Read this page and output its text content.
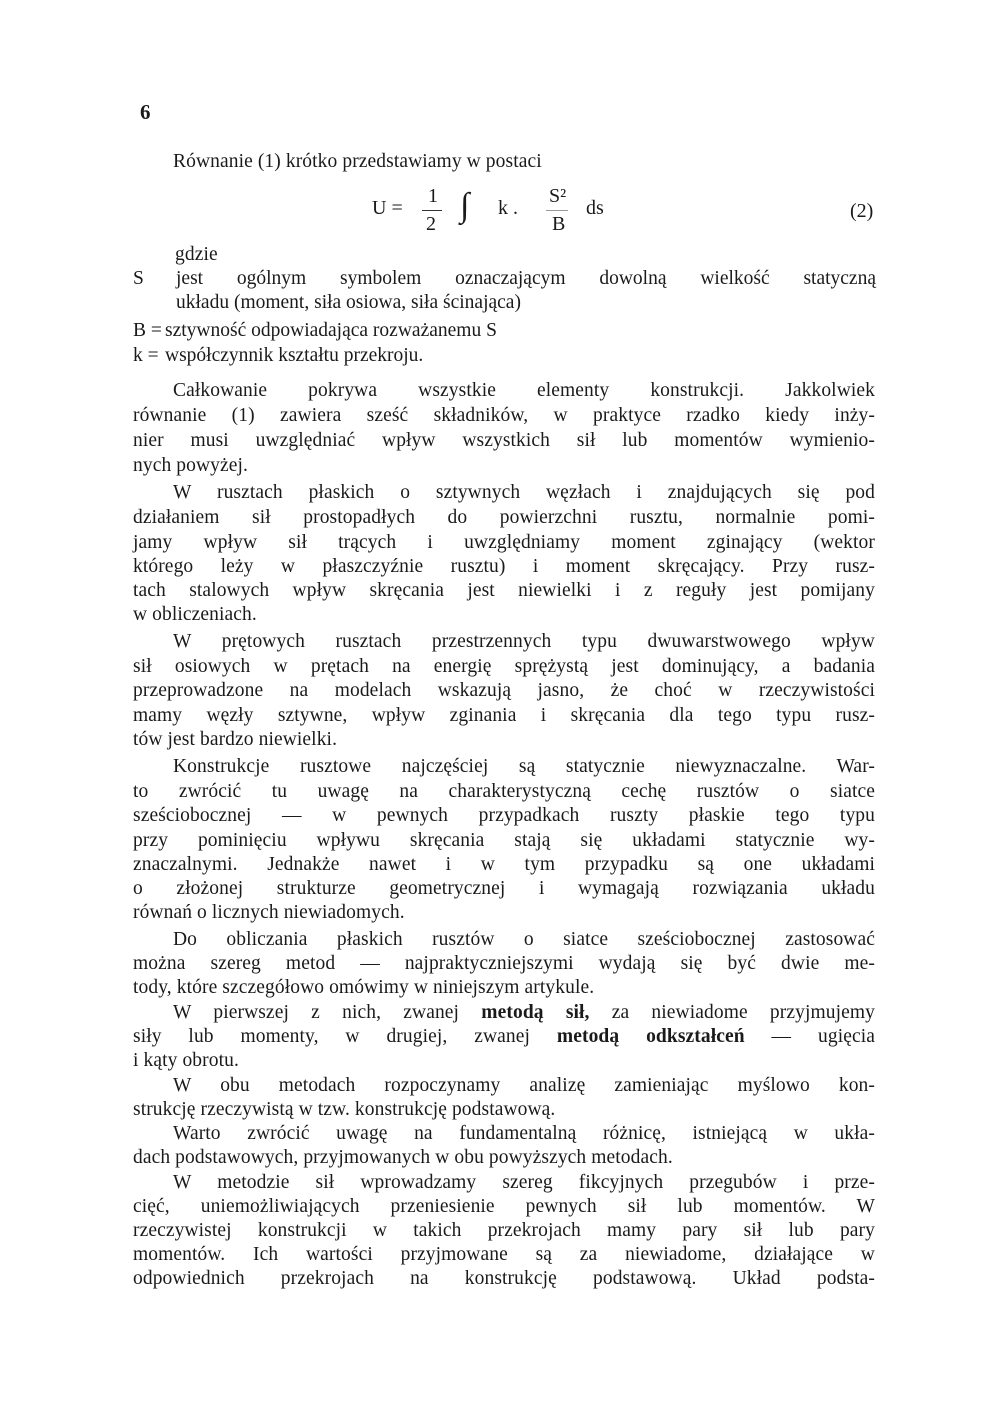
6
Równanie (1) krótko przedstawiamy w postaci
U =
1
2 ∫ k .
S²
B
ds	(2)
gdzie
S jest ogólnym symbolem oznaczającym dowolną wielkość statyczną
układu (moment, siła osiowa, siła ścinająca)
B = sztywność odpowiadająca rozważanemu S
k = współczynnik kształtu przekroju.
Całkowanie pokrywa wszystkie elementy konstrukcji. Jakkolwiek
równanie (1) zawiera sześć składników, w praktyce rzadko kiedy inży-
nier musi uwzględniać wpływ wszystkich sił lub momentów wymienio-
nych powyżej.
W rusztach płaskich o sztywnych węzłach i znajdujących się pod
działaniem sił prostopadłych do powierzchni rusztu, normalnie pomi-
jamy wpływ sił trących i uwzględniamy moment zginający (wektor
którego leży w płaszczyźnie rusztu) i moment skręcający. Przy rusz-
tach stalowych wpływ skręcania jest niewielki i z reguły jest pomijany
w obliczeniach.
W prętowych rusztach przestrzennych typu dwuwarstwowego wpływ
sił osiowych w prętach na energię sprężystą jest dominujący, a badania
przeprowadzone na modelach wskazują jasno, że choć w rzeczywistości
mamy węzły sztywne, wpływ zginania i skręcania dla tego typu rusz-
tów jest bardzo niewielki.
Konstrukcje rusztowe najczęściej są statycznie niewyznaczalne. War-
to zwrócić tu uwagę na charakterystyczną cechę rusztów o siatce
sześciobocznej — w pewnych przypadkach ruszty płaskie tego typu
przy pominięciu wpływu skręcania stają się układami statycznie wy-
znaczalnymi. Jednakże nawet i w tym przypadku są one układami
o złożonej strukturze geometrycznej i wymagają rozwiązania układu
równań o licznych niewiadomych.
Do obliczania płaskich rusztów o siatce sześciobocznej zastosować
można szereg metod — najpraktyczniejszymi wydają się być dwie me-
tody, które szczegółowo omówimy w niniejszym artykule.
W pierwszej z nich, zwanej metodą sił, za niewiadome przyjmujemy
siły lub momenty, w drugiej, zwanej metodą odkształceń — ugięcia
i kąty obrotu.
W obu metodach rozpoczynamy analizę zamieniając myślowo kon-
strukcję rzeczywistą w tzw. konstrukcję podstawową.
Warto zwrócić uwagę na fundamentalną różnicę, istniejącą w ukła-
dach podstawowych, przyjmowanych w obu powyższych metodach.
W metodzie sił wprowadzamy szereg fikcyjnych przegubów i prze-
cięć, uniemożliwiających przeniesienie pewnych sił lub momentów. W
rzeczywistej konstrukcji w takich przekrojach mamy pary sił lub pary
momentów. Ich wartości przyjmowane są za niewiadome, działające w
odpowiednich przekrojach na konstrukcję podstawową. Układ podsta-
